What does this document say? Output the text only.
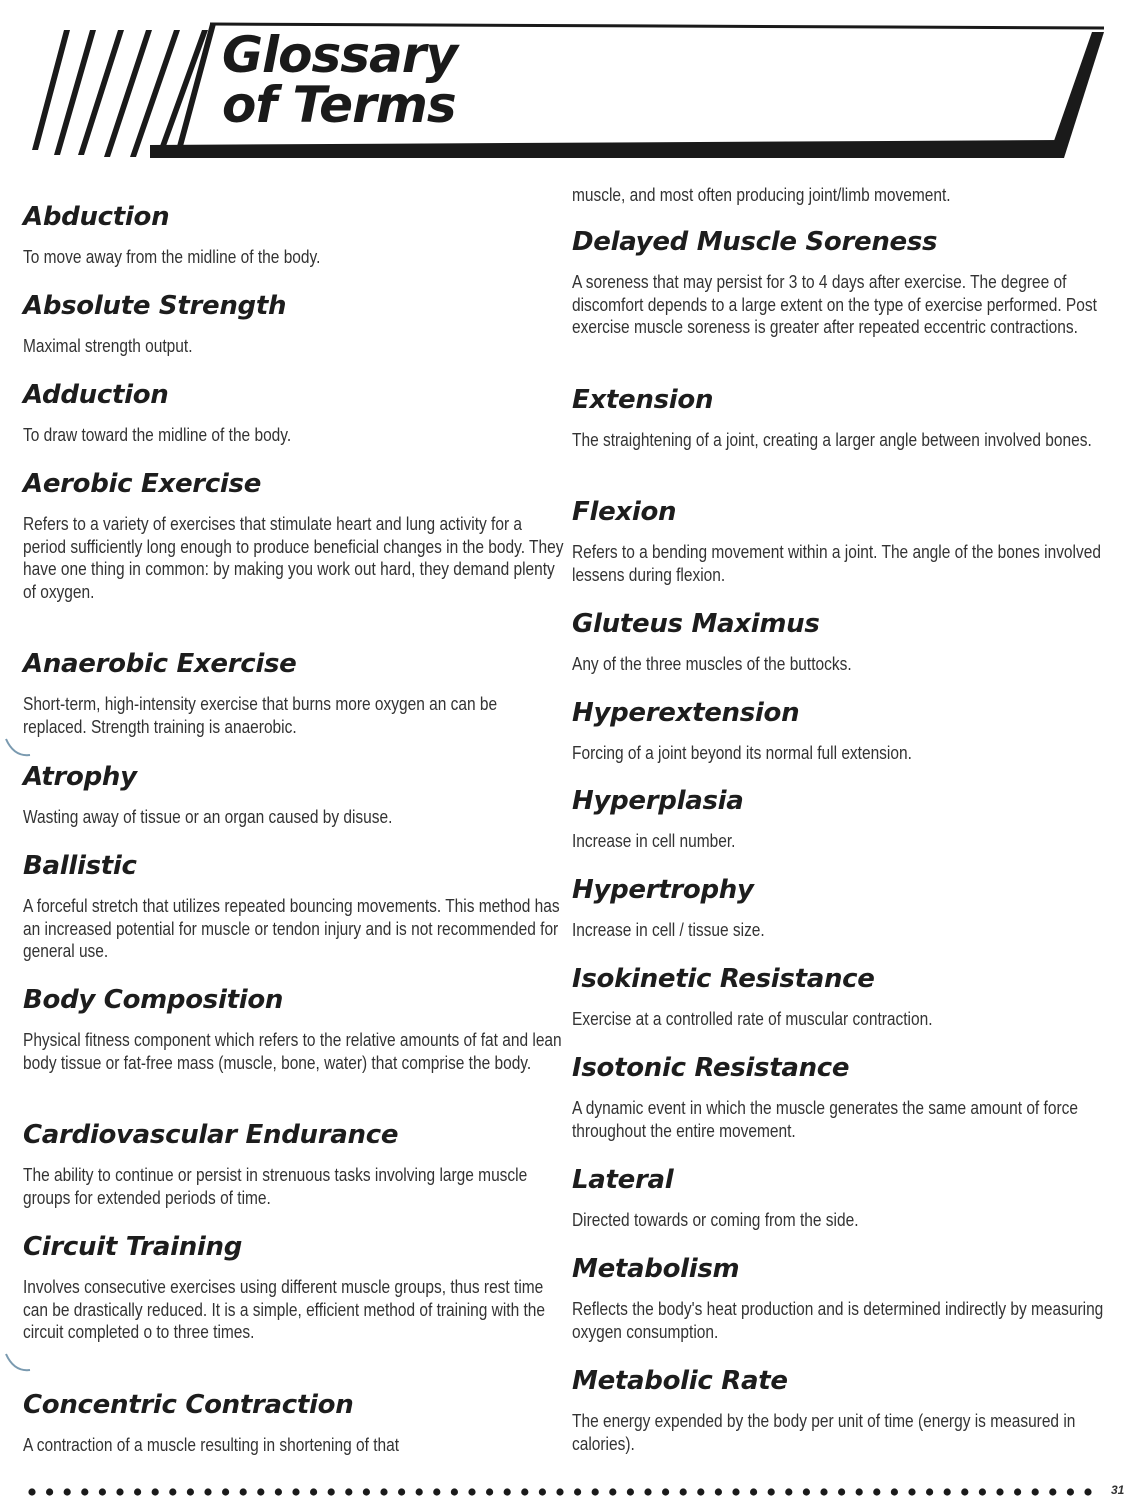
Glossary
of Terms
Abduction
To move away from the midline of the body.
Absolute Strength
Maximal strength output.
Adduction
To draw toward the midline of the body.
Aerobic Exercise
Refers to a variety of exercises that stimulate heart and lung activity for a period sufficiently long enough to produce beneficial changes in the body. They have one thing in common: by making you work out hard, they demand plenty of oxygen.
Anaerobic Exercise
Short-term, high-intensity exercise that burns more oxygen an can be replaced. Strength training is anaerobic.
Atrophy
Wasting away of tissue or an organ caused by disuse.
Ballistic
A forceful stretch that utilizes repeated bouncing movements. This method has an increased potential for muscle or tendon injury and is not recommended for general use.
Body Composition
Physical fitness component which refers to the relative amounts of fat and lean body tissue or fat-free mass (muscle, bone, water) that comprise the body.
Cardiovascular Endurance
The ability to continue or persist in strenuous tasks involving large muscle groups for extended periods of time.
Circuit Training
Involves consecutive exercises using different muscle groups, thus rest time can be drastically reduced. It is a simple, efficient method of training with the circuit completed o to three times.
Concentric Contraction
A contraction of a muscle resulting in shortening of that
muscle, and most often producing joint/limb movement.
Delayed Muscle Soreness
A soreness that may persist for 3 to 4 days after exercise. The degree of discomfort depends to a large extent on the type of exercise performed. Post exercise muscle soreness is greater after repeated eccentric contractions.
Extension
The straightening of a joint, creating a larger angle between involved bones.
Flexion
Refers to a bending movement within a joint. The angle of the bones involved lessens during flexion.
Gluteus Maximus
Any of the three muscles of the buttocks.
Hyperextension
Forcing of a joint beyond its normal full extension.
Hyperplasia
Increase in cell number.
Hypertrophy
Increase in cell / tissue size.
Isokinetic Resistance
Exercise at a controlled rate of muscular contraction.
Isotonic Resistance
A dynamic event in which the muscle generates the same amount of force throughout the entire movement.
Lateral
Directed towards or coming from the side.
Metabolism
Reflects the body's heat production and is determined indirectly by measuring oxygen consumption.
Metabolic Rate
The energy expended by the body per unit of time (energy is measured in calories).
31
